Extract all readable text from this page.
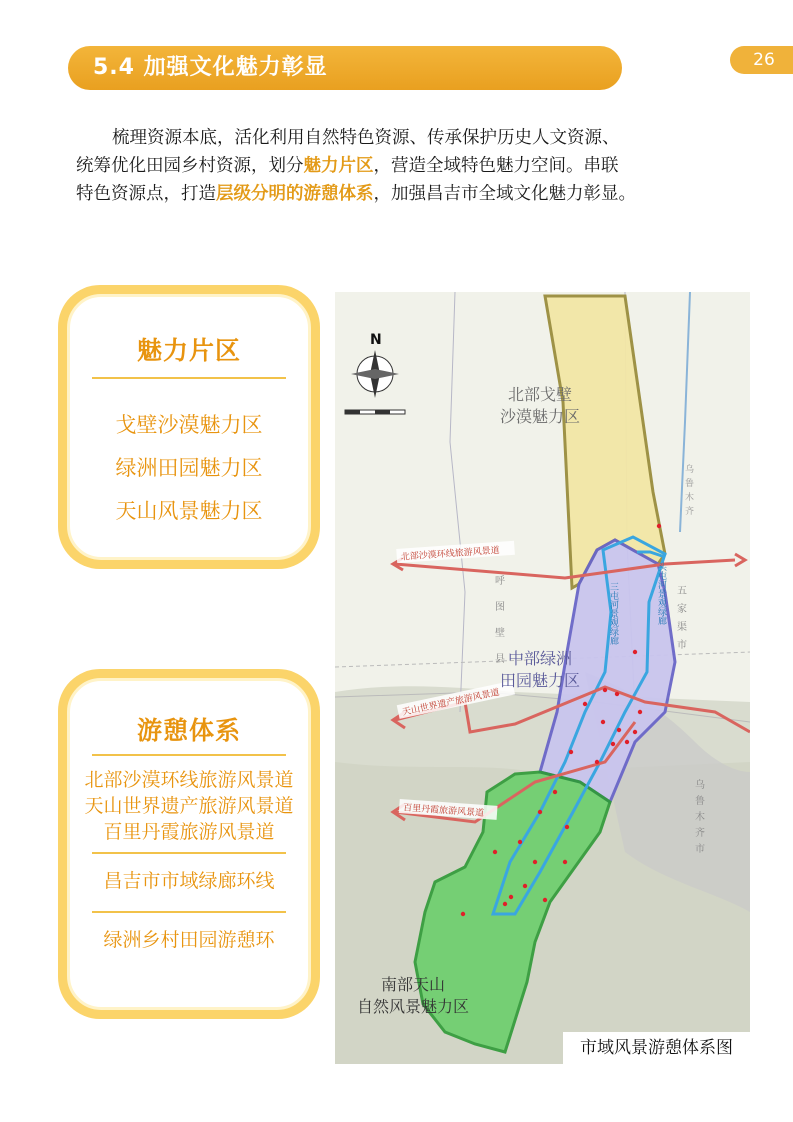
5.4 加强文化魅力彰显	26
梳理资源本底，活化利用自然特色资源、传承保护历史人文资源、
统筹优化田园乡村资源，划分魅力片区，营造全域特色魅力空间。串联
特色资源点，打造层级分明的游憩体系，加强昌吉市全域文化魅力彰显。
魅力片区
戈壁沙漠魅力区
绿洲田园魅力区
天山风景魅力区
游憩体系
北部沙漠环线旅游风景道
天山世界遗产旅游风景道
百里丹霞旅游风景道
昌吉市市域绿廊环线
绿洲乡村田园游憩环
北部沙漠环线旅游风景道
天山世界遗产旅游风景道
百里丹霞旅游风景道
三屯河景观绿廊	头屯河景观绿廊
N
北部戈壁
沙漠魅力区
中部绿洲
田园魅力区
南部天山
自然风景魅力区
呼
图
壁
县
五
家
渠
市
乌
鲁
木
齐
市
乌
鲁
木
齐
市域风景游憩体系图
